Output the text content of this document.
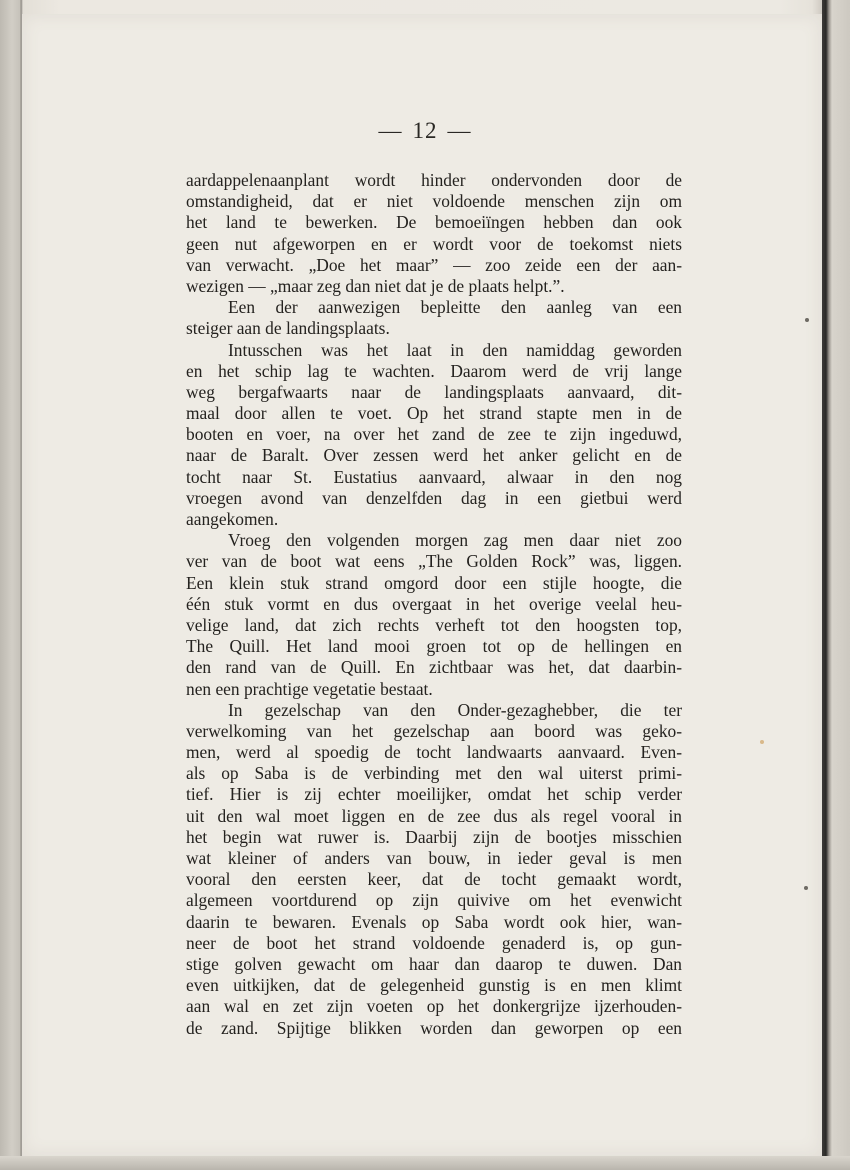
— 12 —
aardappelenaanplant wordt hinder ondervonden door de
omstandigheid, dat er niet voldoende menschen zijn om
het land te bewerken. De bemoeiïngen hebben dan ook
geen nut afgeworpen en er wordt voor de toekomst niets
van verwacht. „Doe het maar” — zoo zeide een der aan-
wezigen — „maar zeg dan niet dat je de plaats helpt.”.
Een der aanwezigen bepleitte den aanleg van een
steiger aan de landingsplaats.
Intusschen was het laat in den namiddag geworden
en het schip lag te wachten. Daarom werd de vrij lange
weg bergafwaarts naar de landingsplaats aanvaard, dit-
maal door allen te voet. Op het strand stapte men in de
booten en voer, na over het zand de zee te zijn ingeduwd,
naar de Baralt. Over zessen werd het anker gelicht en de
tocht naar St. Eustatius aanvaard, alwaar in den nog
vroegen avond van denzelfden dag in een gietbui werd
aangekomen.
Vroeg den volgenden morgen zag men daar niet zoo
ver van de boot wat eens „The Golden Rock” was, liggen.
Een klein stuk strand omgord door een stijle hoogte, die
één stuk vormt en dus overgaat in het overige veelal heu-
velige land, dat zich rechts verheft tot den hoogsten top,
The Quill. Het land mooi groen tot op de hellingen en
den rand van de Quill. En zichtbaar was het, dat daarbin-
nen een prachtige vegetatie bestaat.
In gezelschap van den Onder-gezaghebber, die ter
verwelkoming van het gezelschap aan boord was geko-
men, werd al spoedig de tocht landwaarts aanvaard. Even-
als op Saba is de verbinding met den wal uiterst primi-
tief. Hier is zij echter moeilijker, omdat het schip verder
uit den wal moet liggen en de zee dus als regel vooral in
het begin wat ruwer is. Daarbij zijn de bootjes misschien
wat kleiner of anders van bouw, in ieder geval is men
vooral den eersten keer, dat de tocht gemaakt wordt,
algemeen voortdurend op zijn quivive om het evenwicht
daarin te bewaren. Evenals op Saba wordt ook hier, wan-
neer de boot het strand voldoende genaderd is, op gun-
stige golven gewacht om haar dan daarop te duwen. Dan
even uitkijken, dat de gelegenheid gunstig is en men klimt
aan wal en zet zijn voeten op het donkergrijze ijzerhouden-
de zand. Spijtige blikken worden dan geworpen op een
